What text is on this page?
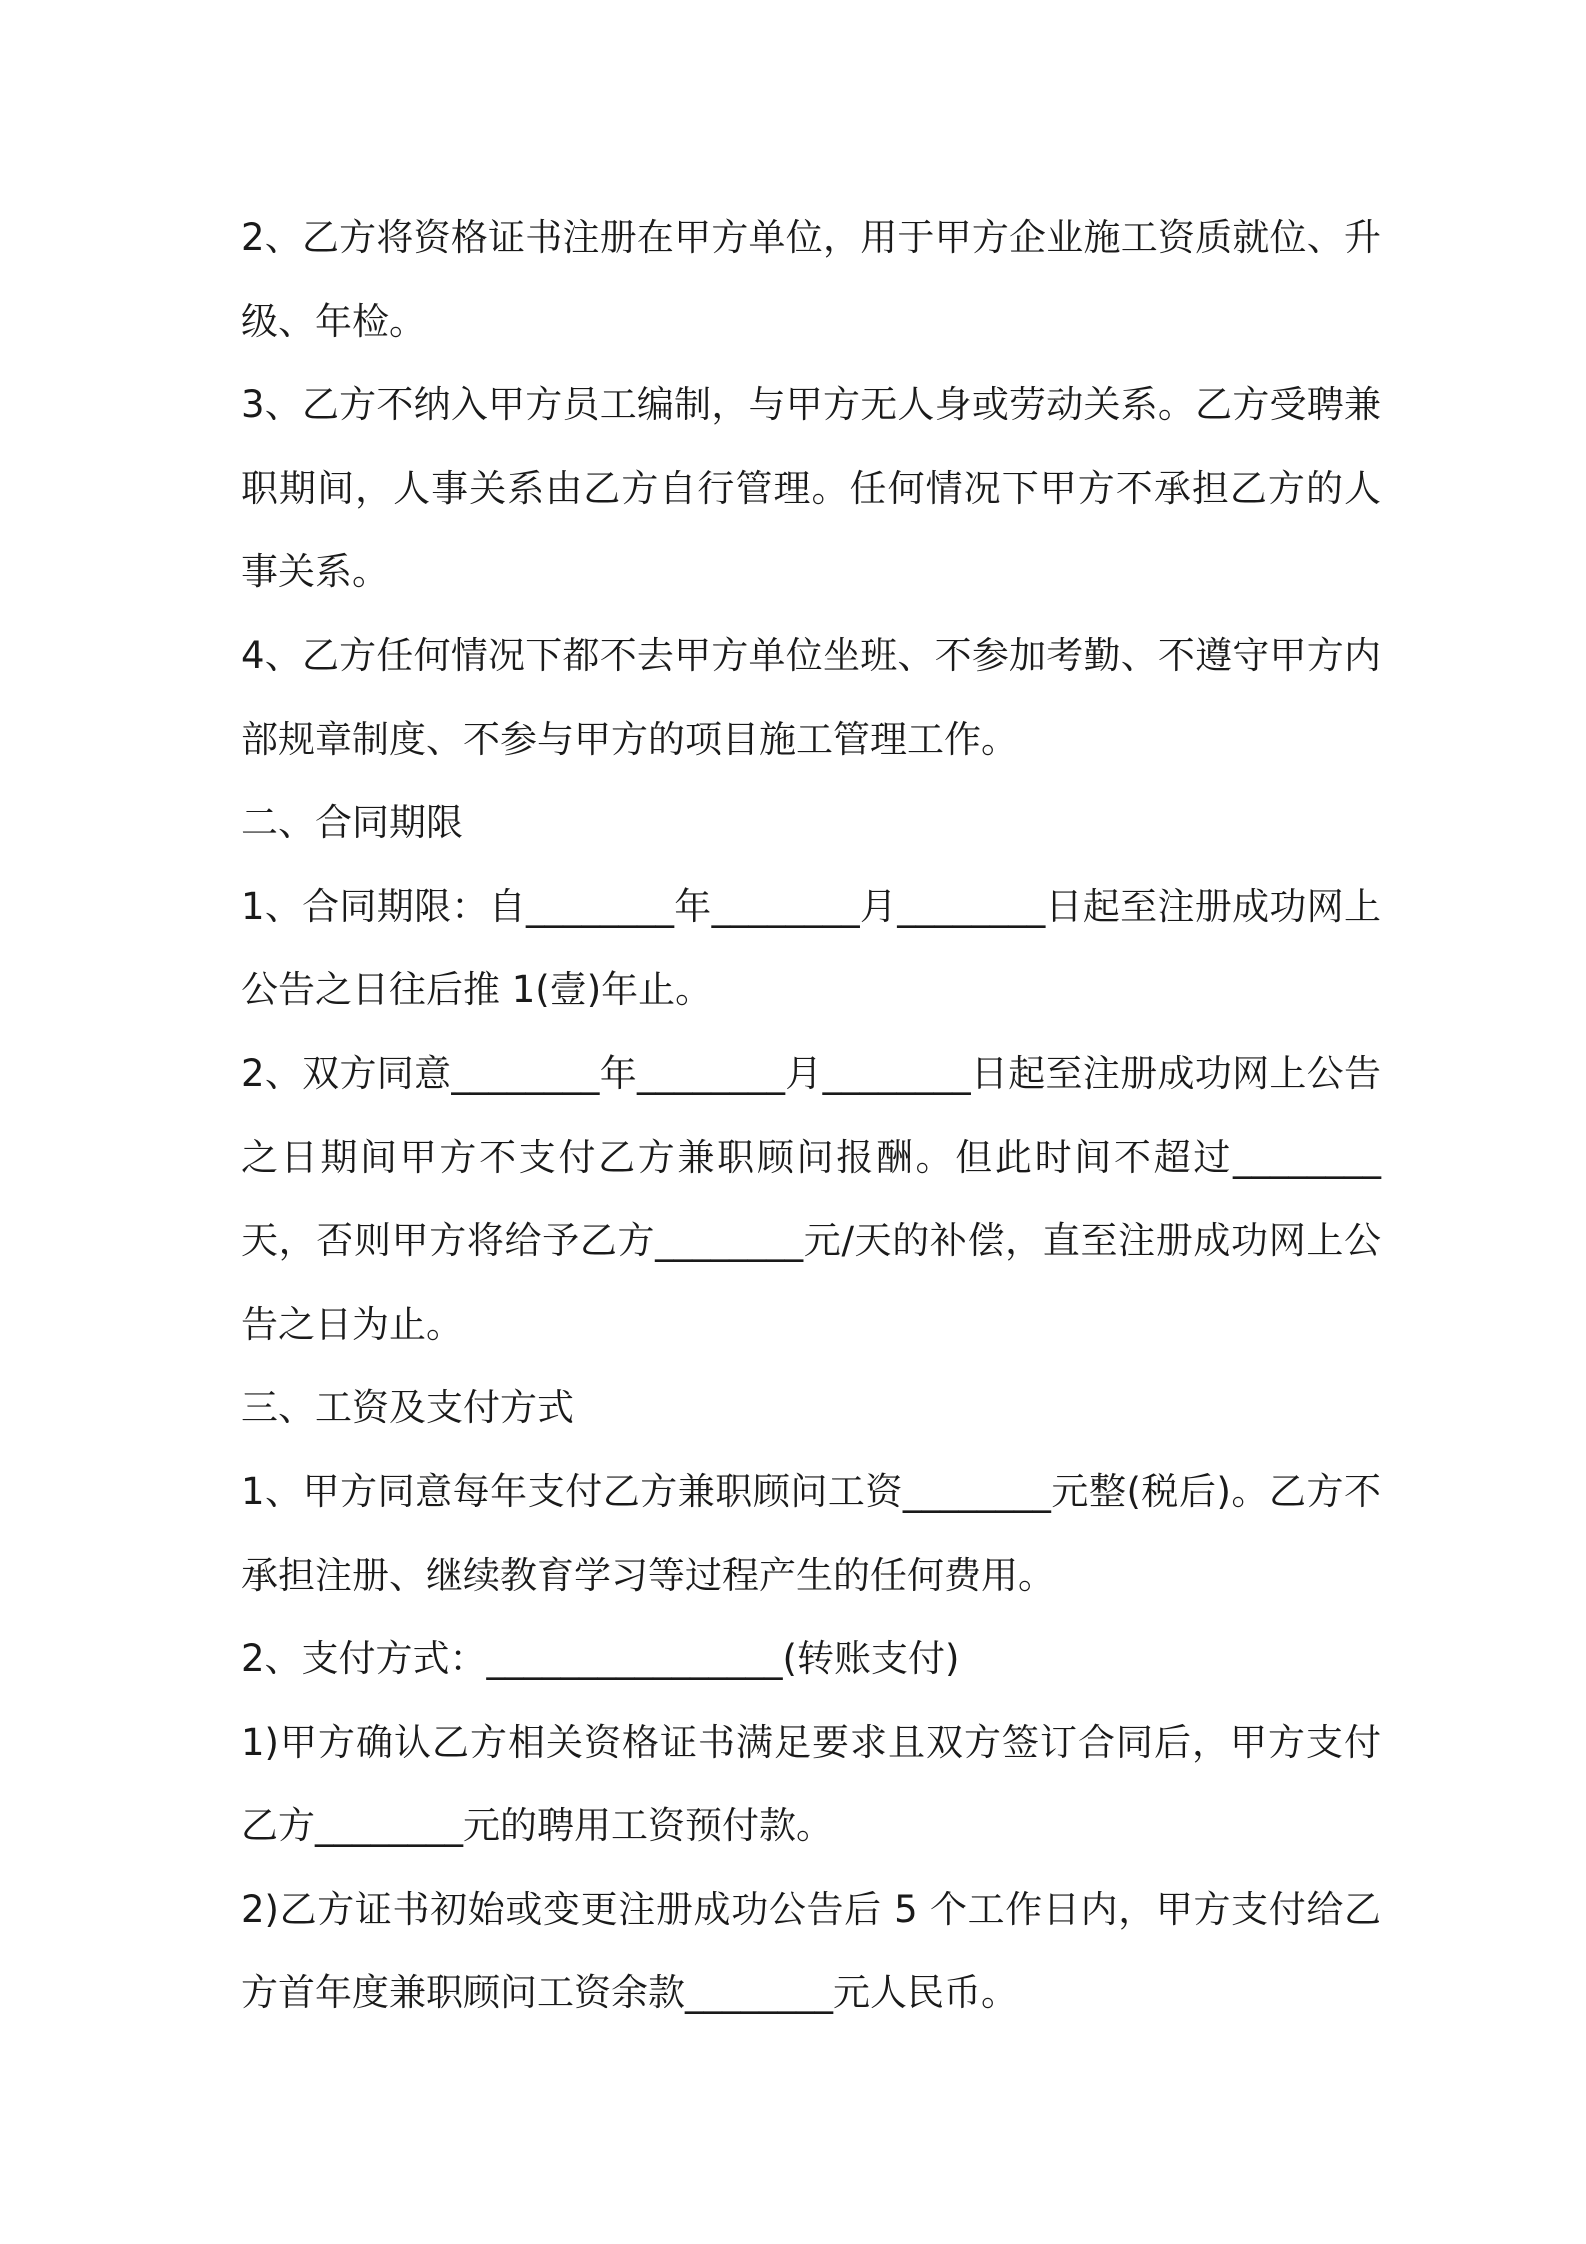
2、乙方将资格证书注册在甲方单位，用于甲方企业施工资质就位、升级、年检。

3、乙方不纳入甲方员工编制，与甲方无人身或劳动关系。乙方受聘兼职期间，人事关系由乙方自行管理。任何情况下甲方不承担乙方的人事关系。

4、乙方任何情况下都不去甲方单位坐班、不参加考勤、不遵守甲方内部规章制度、不参与甲方的项目施工管理工作。

二、合同期限

1、合同期限：自________年________月________日起至注册成功网上公告之日往后推 1(壹)年止。

2、双方同意________年________月________日起至注册成功网上公告之日期间甲方不支付乙方兼职顾问报酬。但此时间不超过________天，否则甲方将给予乙方________元/天的补偿，直至注册成功网上公告之日为止。

三、工资及支付方式

1、甲方同意每年支付乙方兼职顾问工资________元整(税后)。乙方不承担注册、继续教育学习等过程产生的任何费用。

2、支付方式：________________(转账支付)

1)甲方确认乙方相关资格证书满足要求且双方签订合同后，甲方支付乙方________元的聘用工资预付款。

2)乙方证书初始或变更注册成功公告后 5 个工作日内，甲方支付给乙方首年度兼职顾问工资余款________元人民币。
